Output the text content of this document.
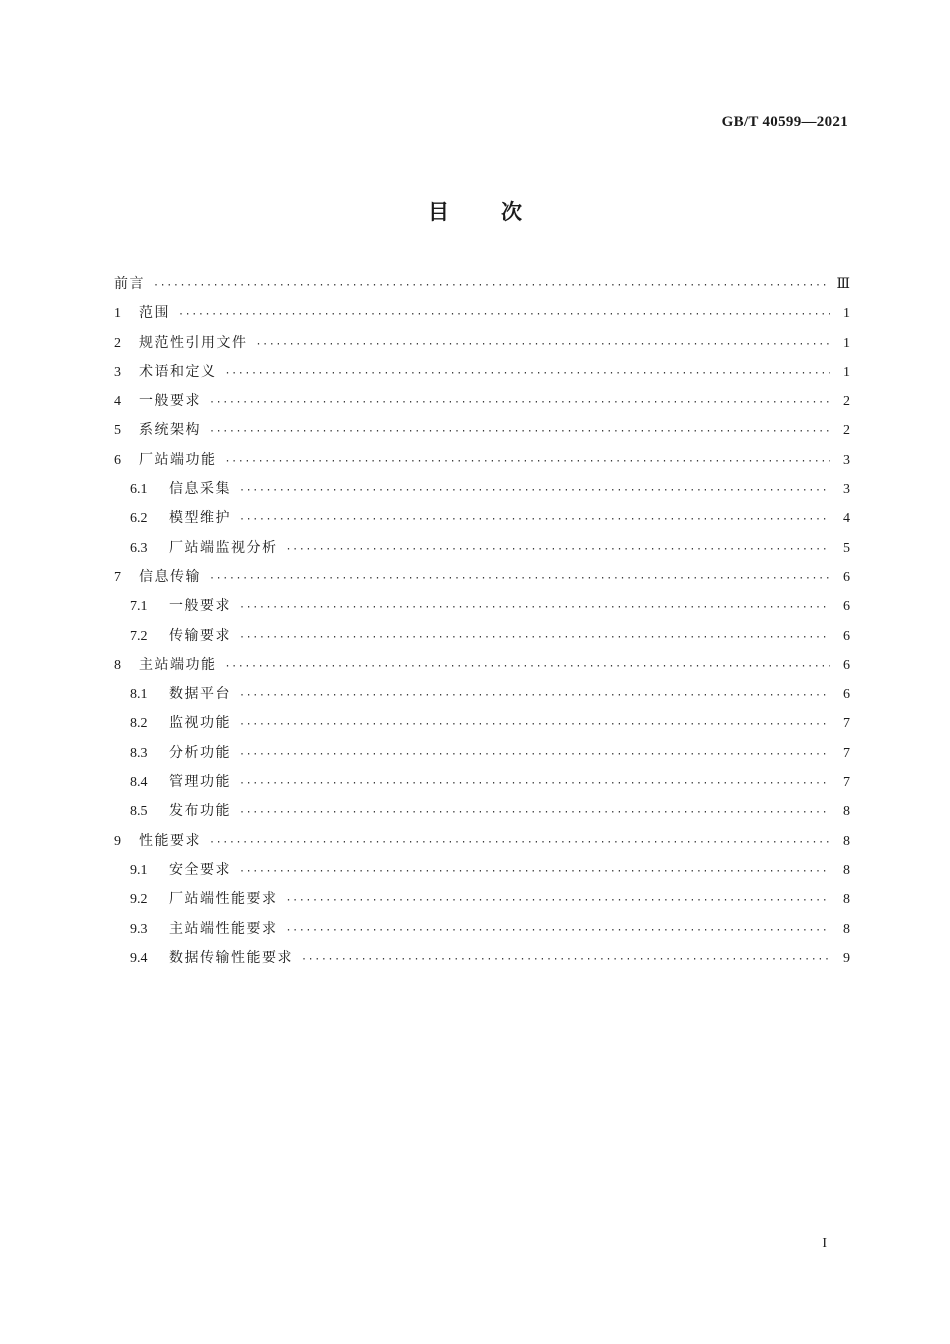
GB/T 40599—2021
目次
前言 ·····	Ⅲ
1	范围 ·····	1
2	规范性引用文件 ·····	1
3	术语和定义 ·····	1
4	一般要求 ·····	2
5	系统架构 ·····	2
6	厂站端功能 ·····	3
6.1	信息采集 ·····	3
6.2	模型维护 ·····	4
6.3	厂站端监视分析 ·····	5
7	信息传输 ·····	6
7.1	一般要求 ·····	6
7.2	传输要求 ·····	6
8	主站端功能 ·····	6
8.1	数据平台 ·····	6
8.2	监视功能 ·····	7
8.3	分析功能 ·····	7
8.4	管理功能 ·····	7
8.5	发布功能 ·····	8
9	性能要求 ·····	8
9.1	安全要求 ·····	8
9.2	厂站端性能要求 ·····	8
9.3	主站端性能要求 ·····	8
9.4	数据传输性能要求 ·····	9
I
